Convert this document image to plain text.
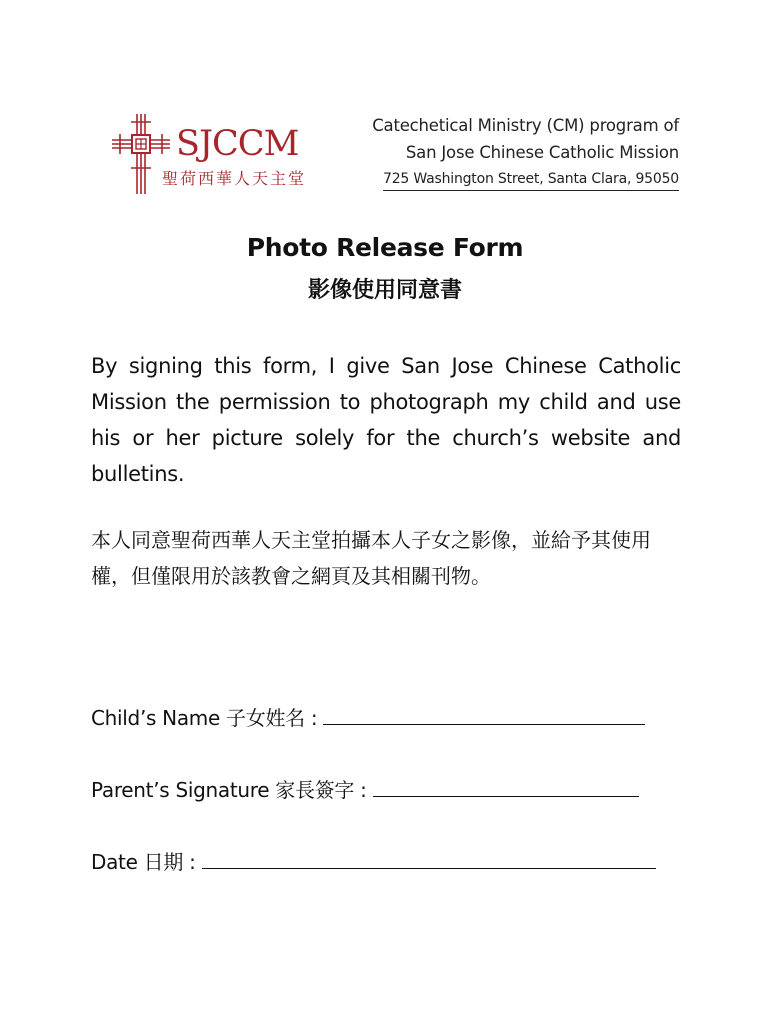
SJCCM
聖荷西華人天主堂
Catechetical Ministry (CM) program of
San Jose Chinese Catholic Mission
725 Washington Street, Santa Clara, 95050
Photo Release Form
影像使用同意書
By signing this form, I give San Jose Chinese Catholic Mission the permission to photograph my child and use his or her picture solely for the church’s website and bulletins.
本人同意聖荷西華人天主堂拍攝本人子女之影像，並給予其使用權，但僅限用於該教會之網頁及其相關刊物。
Child’s Name 子女姓名 :
Parent’s Signature 家長簽字 :
Date 日期 :
